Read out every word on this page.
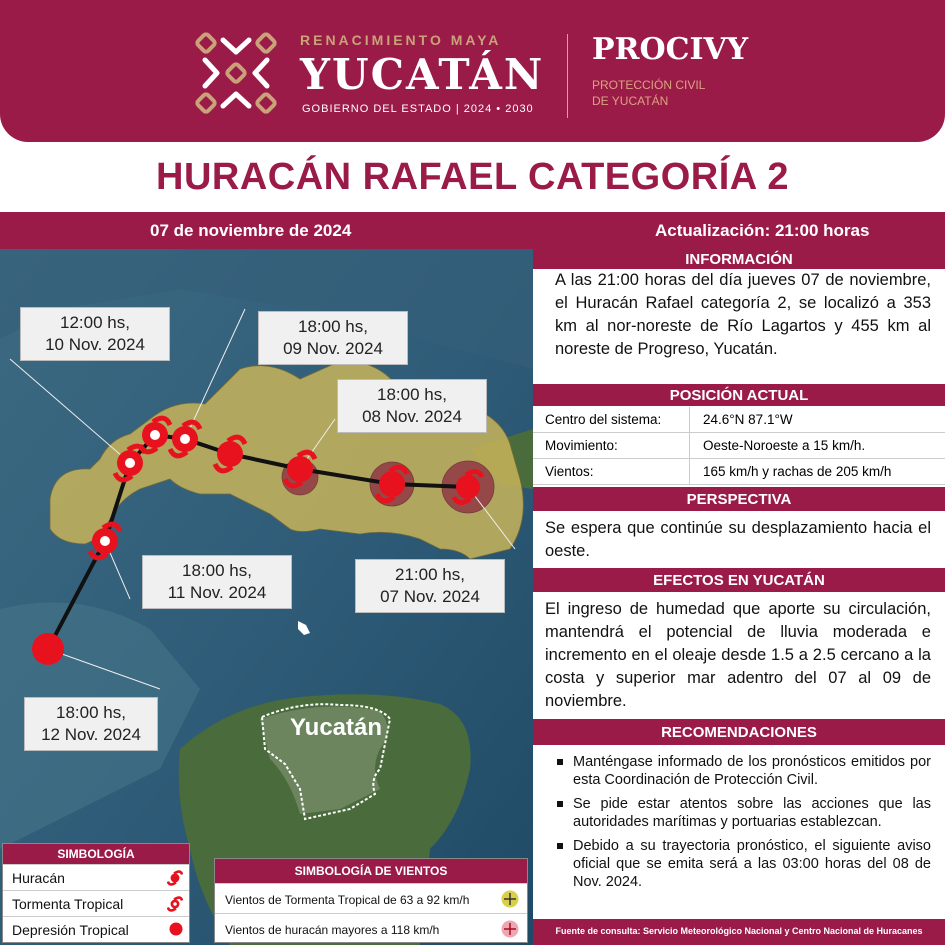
RENACIMIENTO MAYA
YUCATÁN
GOBIERNO DEL ESTADO | 2024 • 2030
PROCIVY
PROTECCIÓN CIVIL
DE YUCATÁN
HURACÁN RAFAEL CATEGORÍA 2
07 de noviembre de 2024	Actualización: 21:00 horas
Yucatán
12:00 hs,
10 Nov. 2024
18:00 hs,
09 Nov. 2024
18:00 hs,
08 Nov. 2024
18:00 hs,
11 Nov. 2024
21:00 hs,
07 Nov. 2024
18:00 hs,
12 Nov. 2024
SIMBOLOGÍA
Huracán
Tormenta Tropical
Depresión Tropical
SIMBOLOGÍA DE VIENTOS
Vientos de Tormenta Tropical de 63 a 92 km/h
Vientos de huracán mayores a 118 km/h
INFORMACIÓN
A las 21:00 horas del día jueves 07 de noviembre, el Huracán Rafael categoría 2, se localizó a 353 km al nor-noreste de Río Lagartos y 455 km al noreste de Progreso, Yucatán.
POSICIÓN ACTUAL
Centro del sistema:	24.6°N 87.1°W
Movimiento:	Oeste-Noroeste a 15 km/h.
Vientos:	165 km/h y rachas de 205 km/h
PERSPECTIVA
Se espera que continúe su desplazamiento hacia el oeste.
EFECTOS EN YUCATÁN
El ingreso de humedad que aporte su circulación, mantendrá el potencial de lluvia moderada e incremento en el oleaje desde 1.5 a 2.5 cercano a la costa y superior mar adentro del 07 al 09 de noviembre.
RECOMENDACIONES
Manténgase informado de los pronósticos emitidos por esta Coordinación de Protección Civil.
Se pide estar atentos sobre las acciones que las autoridades marítimas y portuarias establezcan.
Debido a su trayectoria pronóstico, el siguiente aviso oficial que se emita será a las 03:00 horas del 08 de Nov. 2024.
Fuente de consulta: Servicio Meteorológico Nacional y Centro Nacional de Huracanes
